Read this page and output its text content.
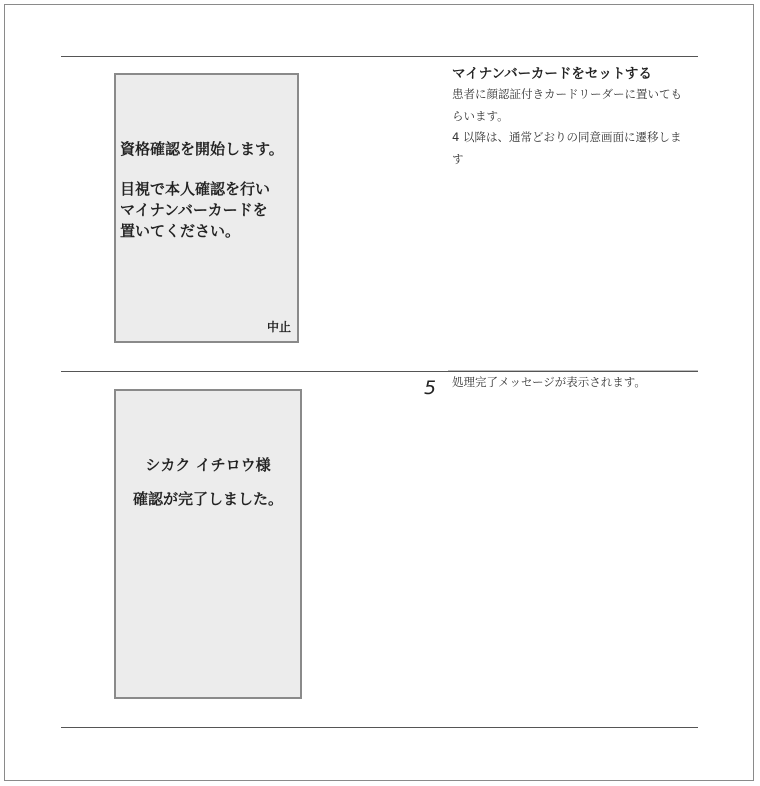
資格確認を開始します。
目視で本人確認を行い
マイナンバーカードを
置いてください。
中止
マイナンバーカードをセットする
患者に顔認証付きカードリーダーに置いても
らいます。
4 以降は、通常どおりの同意画面に遷移しま
す
5 処理完了メッセージが表示されます。
シカク イチロウ様
確認が完了しました。
